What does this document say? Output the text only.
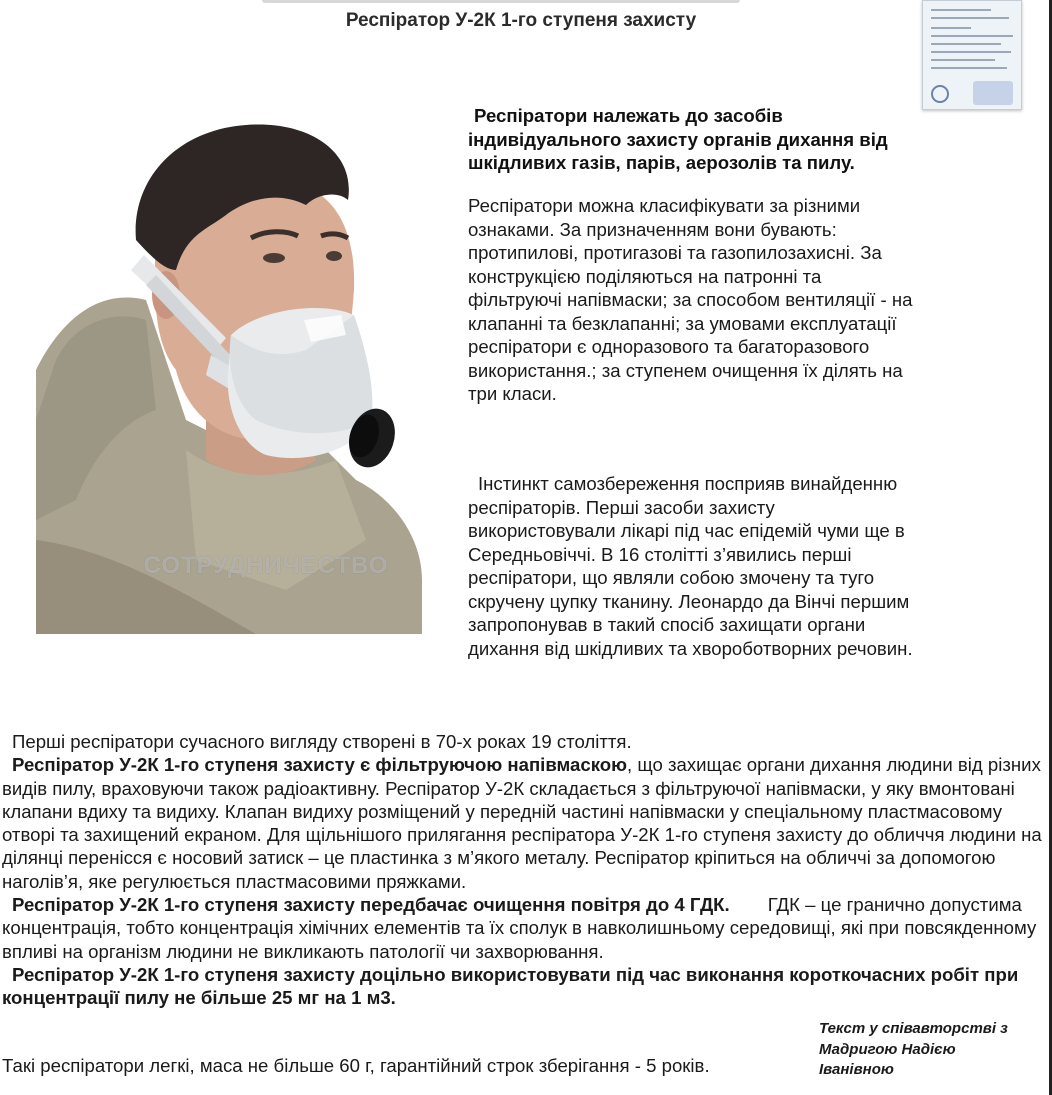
Респіратор У-2К 1-го ступеня захисту
СОТРУДНИЧЕСТВО

Респіратори належать до засобів індивідуального захисту органів дихання від шкідливих газів, парів, аерозолів та пилу.

Респіратори можна класифікувати за різними ознаками. За призначенням вони бувають: протипилові, протигазові та газопилозахисні. За конструкцією поділяються на патронні та фільтруючі напівмаски; за способом вентиляції - на клапанні та безклапанні; за умовами експлуатації респіратори є одноразового та багаторазового використання.; за ступенем очищення їх ділять на три класи.

Інстинкт самозбереження посприяв винайденню респіраторів. Перші засоби захисту використовували лікарі під час епідемій чуми ще в Середньовіччі. В 16 столітті з’явились перші респіратори, що являли собою змочену та туго скручену цупку тканину. Леонардо да Вінчі першим запропонував в такий спосіб захищати органи дихання від шкідливих та хвороботворних речовин.

Перші респіратори сучасного вигляду створені в 70-х роках 19 століття.

Респіратор У-2К 1-го ступеня захисту є фільтруючою напівмаскою, що захищає органи дихання людини від різних видів пилу, враховуючи також радіоактивну. Респіратор У-2К складається з фільтруючої напівмаски, у яку вмонтовані клапани вдиху та видиху. Клапан видиху розміщений у передній частині напівмаски у спеціальному пластмасовому отворі та захищений екраном. Для щільнішого прилягання респіратора У-2К 1-го ступеня захисту до обличчя людини на ділянці перенісся є носовий затиск – це пластинка з м’якого металу. Респіратор кріпиться на обличчі за допомогою наголів’я, яке регулюється пластмасовими пряжками.

Респіратор У-2К 1-го ступеня захисту передбачає очищення повітря до 4 ГДК. ГДК – це гранично допустима концентрація, тобто концентрація хімічних елементів та їх сполук в навколишньому середовищі, які при повсякденному впливі на організм людини не викликають патології чи захворювання.

Респіратор У-2К 1-го ступеня захисту доцільно використовувати під час виконання короткочасних робіт при концентрації пилу не більше 25 мг на 1 м3.

Такі респіратори легкі, маса не більше 60 г, гарантійний строк зберігання - 5 років.

Текст у співавторстві з Мадригою Надією Іванівною
